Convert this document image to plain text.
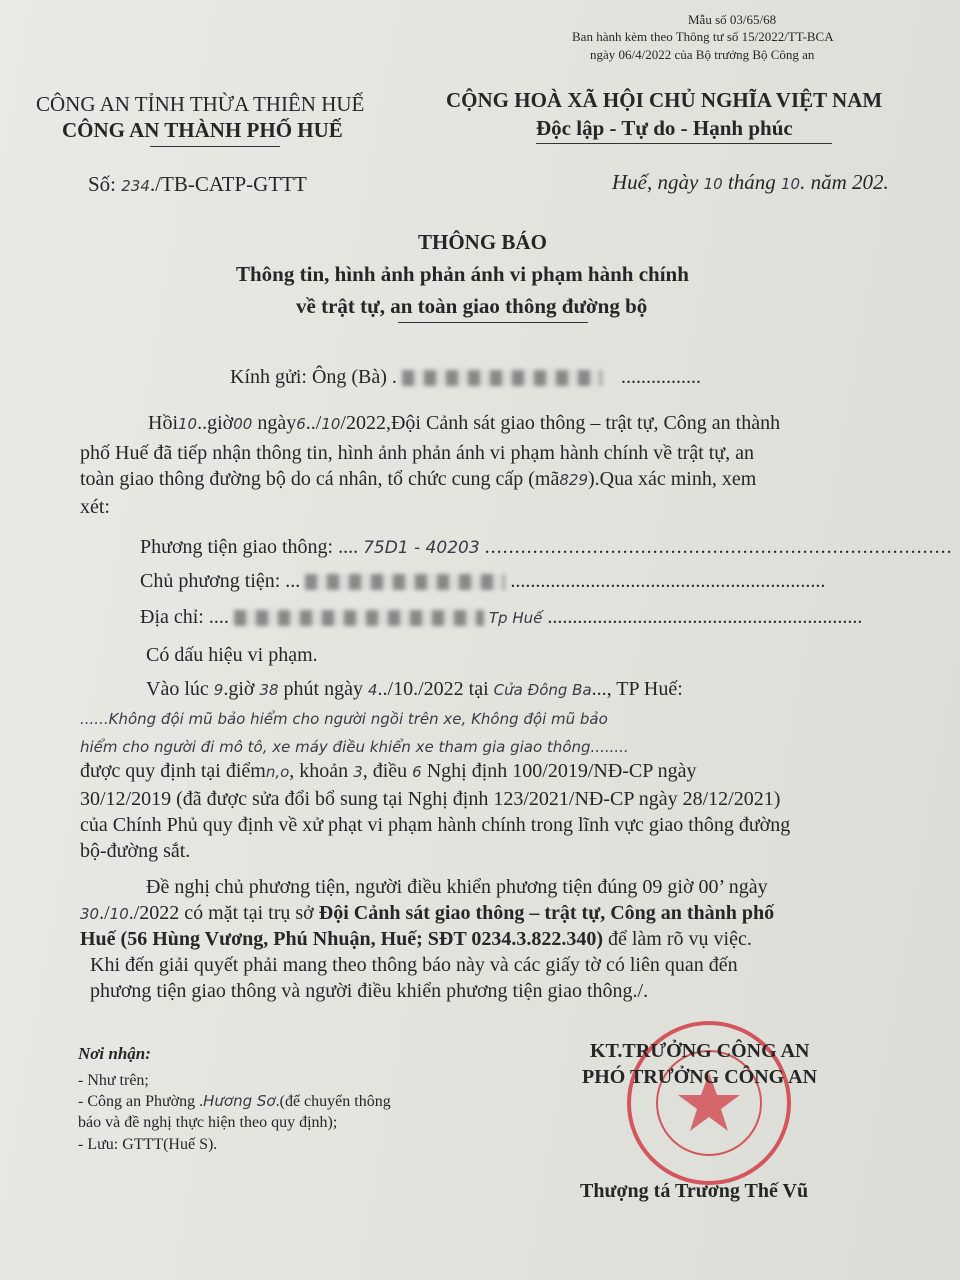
Mẫu số 03/65/68
Ban hành kèm theo Thông tư số 15/2022/TT-BCA
ngày 06/4/2022 của Bộ trưởng Bộ Công an
CÔNG AN TỈNH THỪA THIÊN HUẾ
CÔNG AN THÀNH PHỐ HUẾ
Số: 234./TB-CATP-GTTT
CỘNG HOÀ XÃ HỘI CHỦ NGHĨA VIỆT NAM
Độc lập - Tự do - Hạnh phúc
Huế, ngày 10 tháng 10. năm 202.
THÔNG BÁO
Thông tin, hình ảnh phản ánh vi phạm hành chính
về trật tự, an toàn giao thông đường bộ
Kính gửi: Ông (Bà) .	................
Hồi10..giờ00 ngày6../10/2022,Đội Cảnh sát giao thông – trật tự, Công an thành
phố Huế đã tiếp nhận thông tin, hình ảnh phản ánh vi phạm hành chính về trật tự, an
toàn giao thông đường bộ do cá nhân, tổ chức cung cấp (mã829).Qua xác minh, xem
xét:
Phương tiện giao thông: .... 75D1 - 40203 ..............................................................................
Chủ phương tiện: ...	...............................................................
Địa chỉ: ....	Tp Huế ...............................................................
Có dấu hiệu vi phạm.
Vào lúc 9.giờ 38 phút ngày 4../10./2022 tại Cửa Đông Ba..., TP Huế:
......Không đội mũ bảo hiểm cho người ngồi trên xe, Không đội mũ bảo
hiểm cho người đi mô tô, xe máy điều khiển xe tham gia giao thông........
được quy định tại điểmn,o, khoản 3, điều 6 Nghị định 100/2019/NĐ-CP ngày
30/12/2019 (đã được sửa đổi bổ sung tại Nghị định 123/2021/NĐ-CP ngày 28/12/2021)
của Chính Phủ quy định về xử phạt vi phạm hành chính trong lĩnh vực giao thông đường
bộ-đường sắt.
Đề nghị chủ phương tiện, người điều khiển phương tiện đúng 09 giờ 00’ ngày
30./10./2022 có mặt tại trụ sở Đội Cảnh sát giao thông – trật tự, Công an thành phố
Huế (56 Hùng Vương, Phú Nhuận, Huế; SĐT 0234.3.822.340) để làm rõ vụ việc.
Khi đến giải quyết phải mang theo thông báo này và các giấy tờ có liên quan đến
phương tiện giao thông và người điều khiển phương tiện giao thông./.
Nơi nhận:
- Như trên;
- Công an Phường .Hương Sơ.(để chuyển thông
báo và đề nghị thực hiện theo quy định);
- Lưu: GTTT(Huế S).
KT.TRƯỞNG CÔNG AN
PHÓ TRƯỞNG CÔNG AN
Thượng tá Trương Thế Vũ
